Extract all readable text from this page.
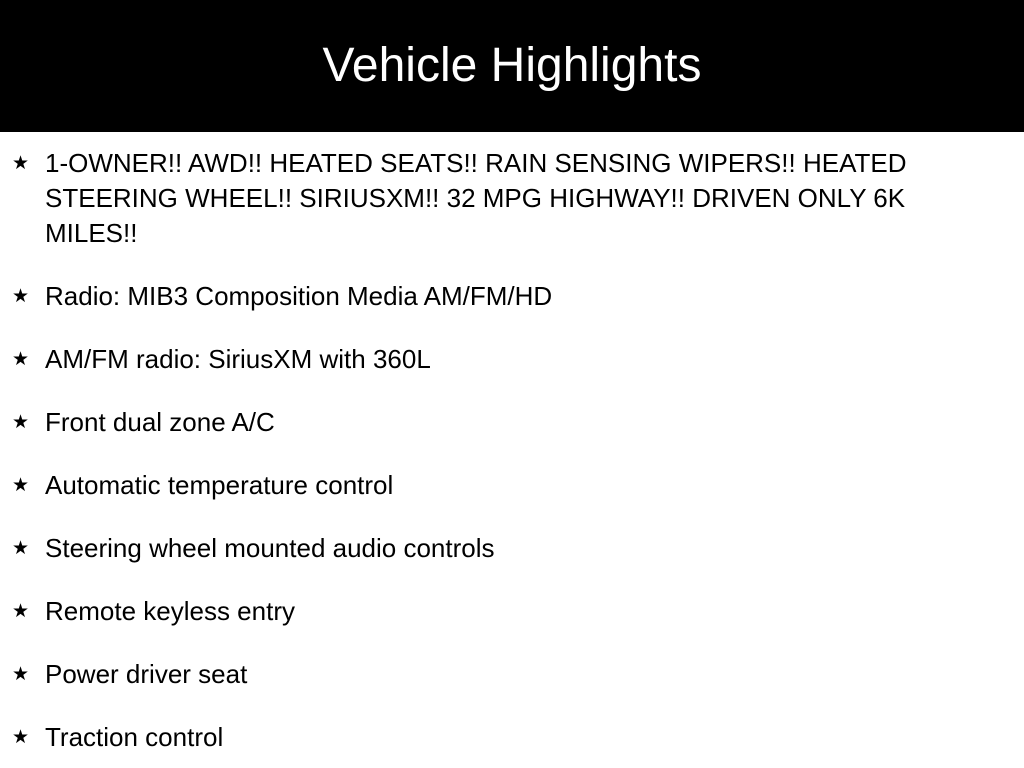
Vehicle Highlights
★ 1-OWNER!! AWD!! HEATED SEATS!! RAIN SENSING WIPERS!! HEATED STEERING WHEEL!! SIRIUSXM!! 32 MPG HIGHWAY!! DRIVEN ONLY 6K MILES!!
★ Radio: MIB3 Composition Media AM/FM/HD
★ AM/FM radio: SiriusXM with 360L
★ Front dual zone A/C
★ Automatic temperature control
★ Steering wheel mounted audio controls
★ Remote keyless entry
★ Power driver seat
★ Traction control
